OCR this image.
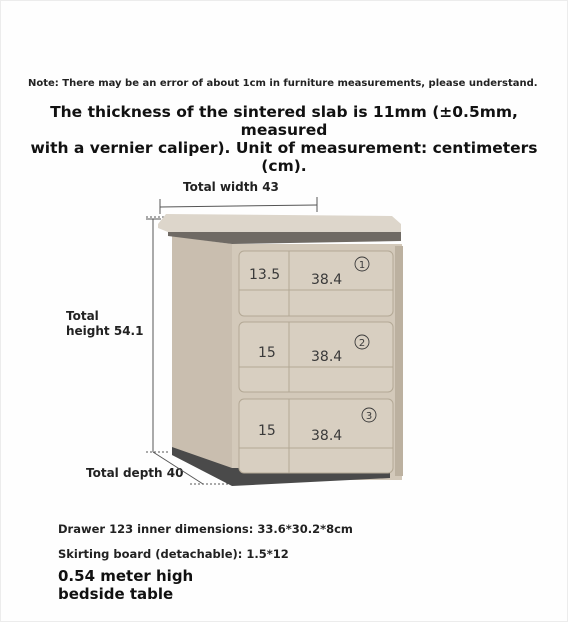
Note: There may be an error of about 1cm in furniture measurements, please understand.
The thickness of the sintered slab is 11mm (±0.5mm, measured
with a vernier caliper). Unit of measurement: centimeters (cm).
Total width 43
Total height 54.1
Total depth 40
13.5 38.4
1
15	38.4
2
15	38.4
3
Drawer 123 inner dimensions: 33.6*30.2*8cm
Skirting board (detachable): 1.5*12
0.54 meter high
bedside table
